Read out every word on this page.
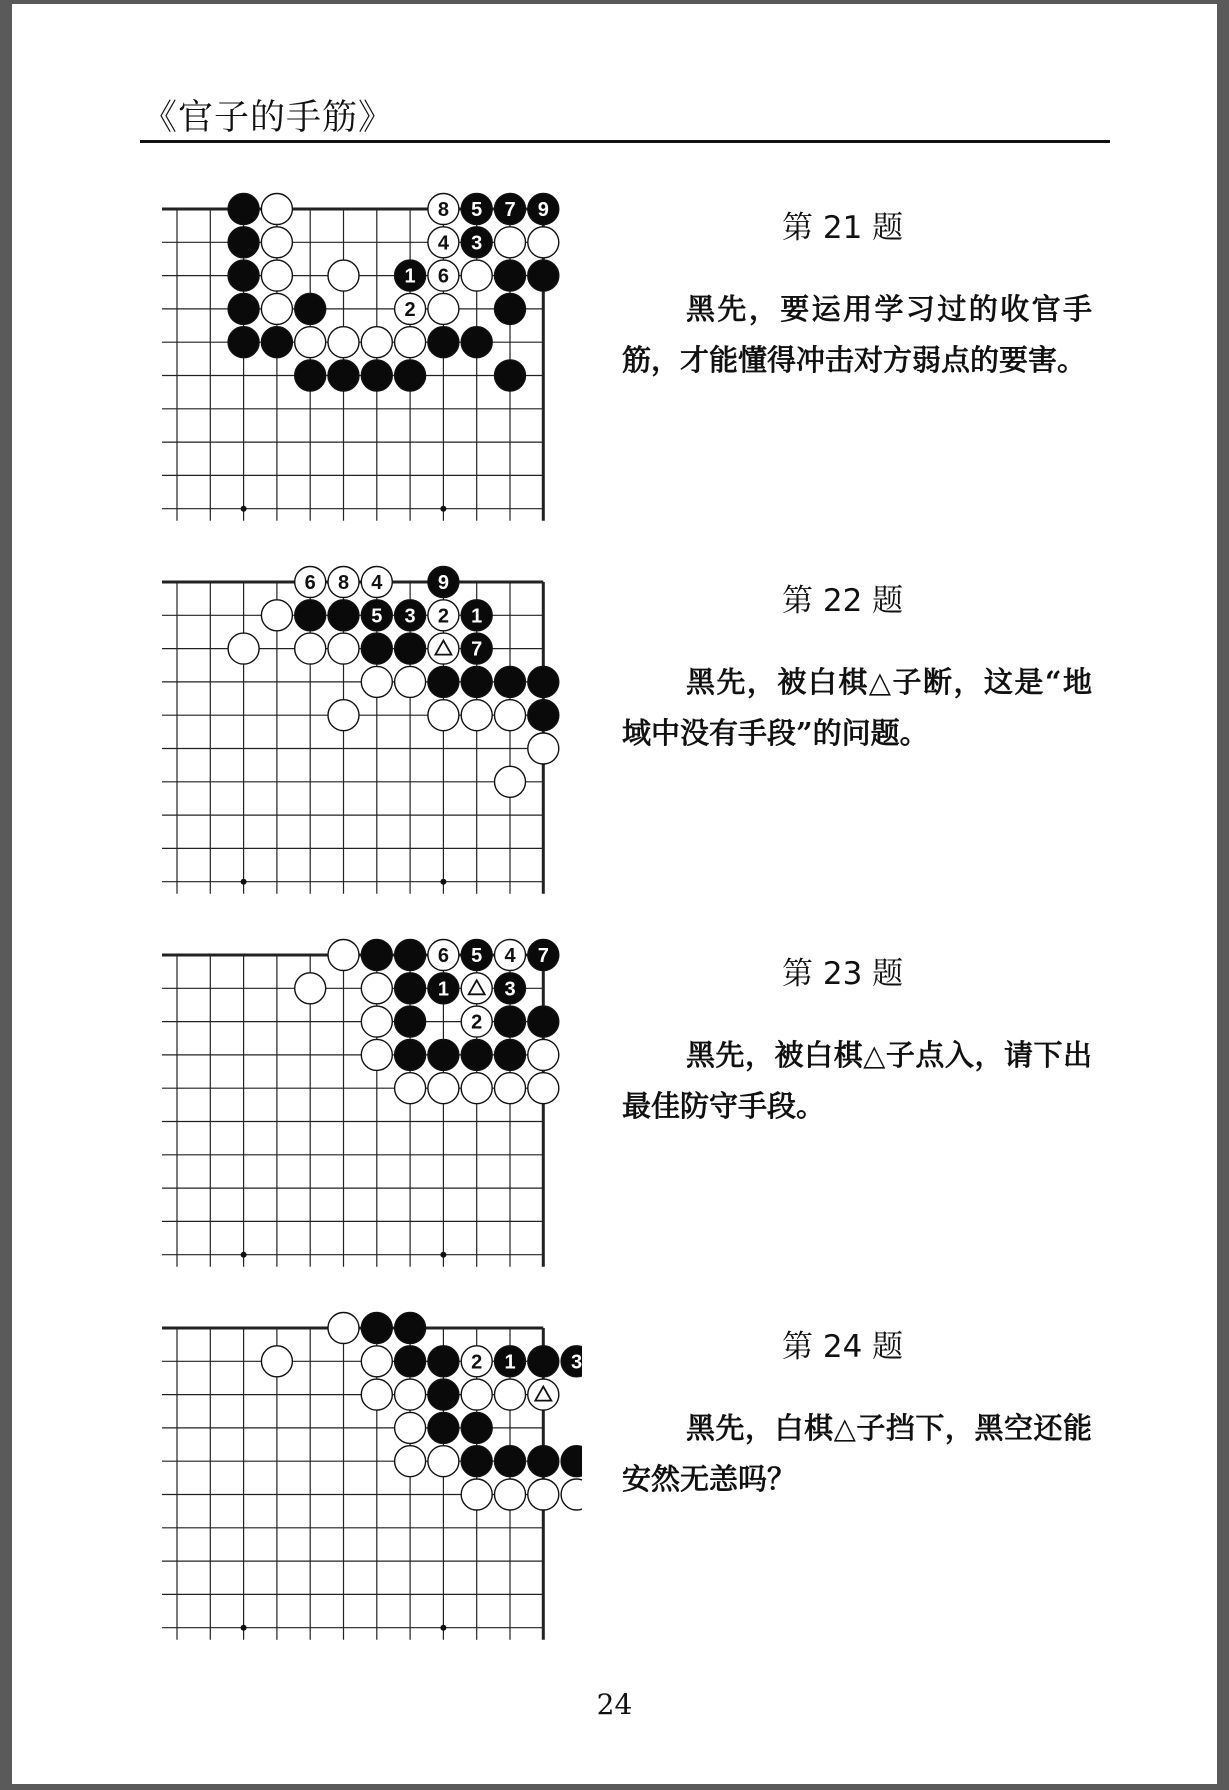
《官子的手筋》
8 5 7 9
4 3
1 6
2
第 21 题
黑先，要运用学习过的收官手筋，才能懂得冲击对方弱点的要害。
6 8 4	9
5 3 2 1
7
第 22 题
黑先，被白棋△子断，这是“地域中没有手段”的问题。
6 5 4 7
1	3
2
第 23 题
黑先，被白棋△子点入，请下出最佳防守手段。
2 1	3	第 24 题
黑先，白棋△子挡下，黑空还能安然无恙吗？
24
